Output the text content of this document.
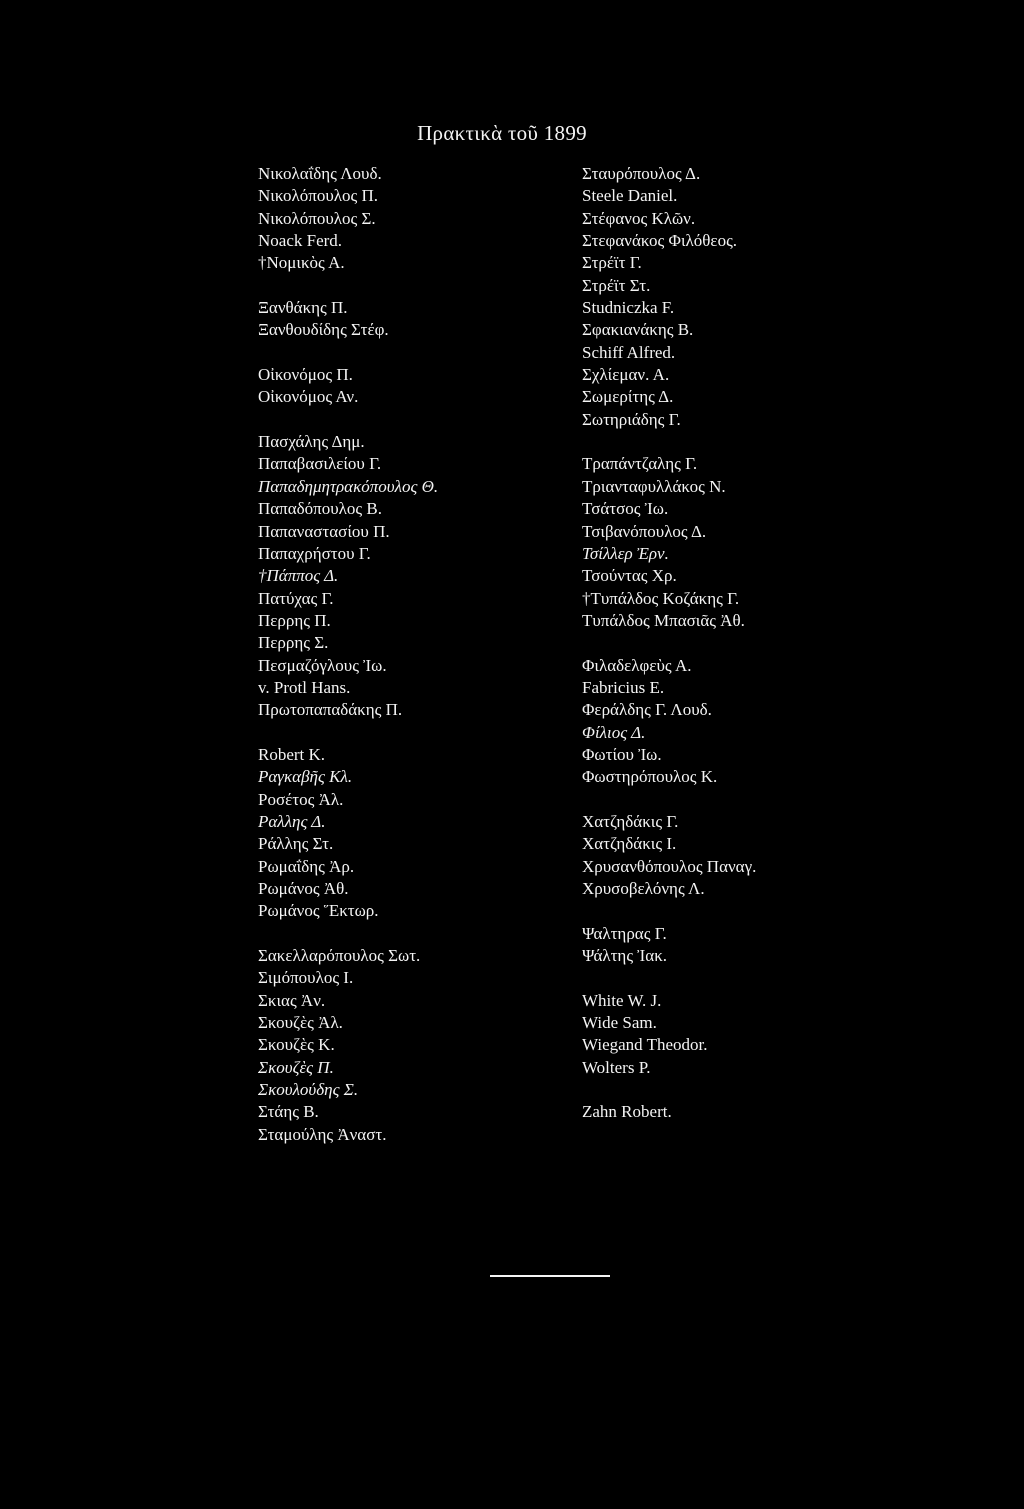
Πρακτικὰ τοῦ 1899
Νικολαΐδης Λουδ.
Νικολόπουλος Π.
Νικολόπουλος Σ.
Noack Ferd.
†Νομικὸς Α.
Ξανθάκης Π.
Ξανθουδίδης Στέφ.
Οἰκονόμος Π.
Οἰκονόμος Αν.
Πασχάλης Δημ.
Παπαβασιλείου Γ.
Παπαδημητρακόπουλος Θ.
Παπαδόπουλος Β.
Παπαναστασίου Π.
Παπαχρήστου Γ.
†Πάππος Δ.
Πατύχας Γ.
Περρης Π.
Περρης Σ.
Πεσμαζόγλους Ἰω.
v. Protl Hans.
Πρωτοπαπαδάκης Π.
Robert K.
Ραγκαβῆς Κλ.
Ροσέτος Ἀλ.
Ραλλης Δ.
Ράλλης Στ.
Ρωμαΐδης Ἀρ.
Ρωμάνος Ἀθ.
Ρωμάνος Ἕκτωρ.
Σακελλαρόπουλος Σωτ.
Σιμόπουλος Ι.
Σκιας Ἀν.
Σκουζὲς Ἀλ.
Σκουζὲς Κ.
Σκουζὲς Π.
Σκουλούδης Σ.
Στάης Β.
Σταμούλης Ἀναστ.
Σταυρόπουλος Δ.
Steele Daniel.
Στέφανος Κλῶν.
Στεφανάκος Φιλόθεος.
Στρέϊτ Γ.
Στρέϊτ Στ.
Studniczka F.
Σφακιανάκης Β.
Schiff Alfred.
Σχλίεμαν. Α.
Σωμερίτης Δ.
Σωτηριάδης Γ.
Τραπάντζαλης Γ.
Τριανταφυλλάκος Ν.
Τσάτσος Ἰω.
Τσιβανόπουλος Δ.
Τσίλλερ Ἐρν.
Τσούντας Χρ.
†Τυπάλδος Κοζάκης Γ.
Τυπάλδος Μπασιᾶς Ἀθ.
Φιλαδελφεὺς Α.
Fabricius E.
Φεράλδης Γ. Λουδ.
Φίλιος Δ.
Φωτίου Ἰω.
Φωστηρόπουλος Κ.
Χατζηδάκις Γ.
Χατζηδάκις Ι.
Χρυσανθόπουλος Παναγ.
Χρυσοβελόνης Λ.
Ψαλτηρας Γ.
Ψάλτης Ἰακ.
White W. J.
Wide Sam.
Wiegand Theodor.
Wolters P.
Zahn Robert.
